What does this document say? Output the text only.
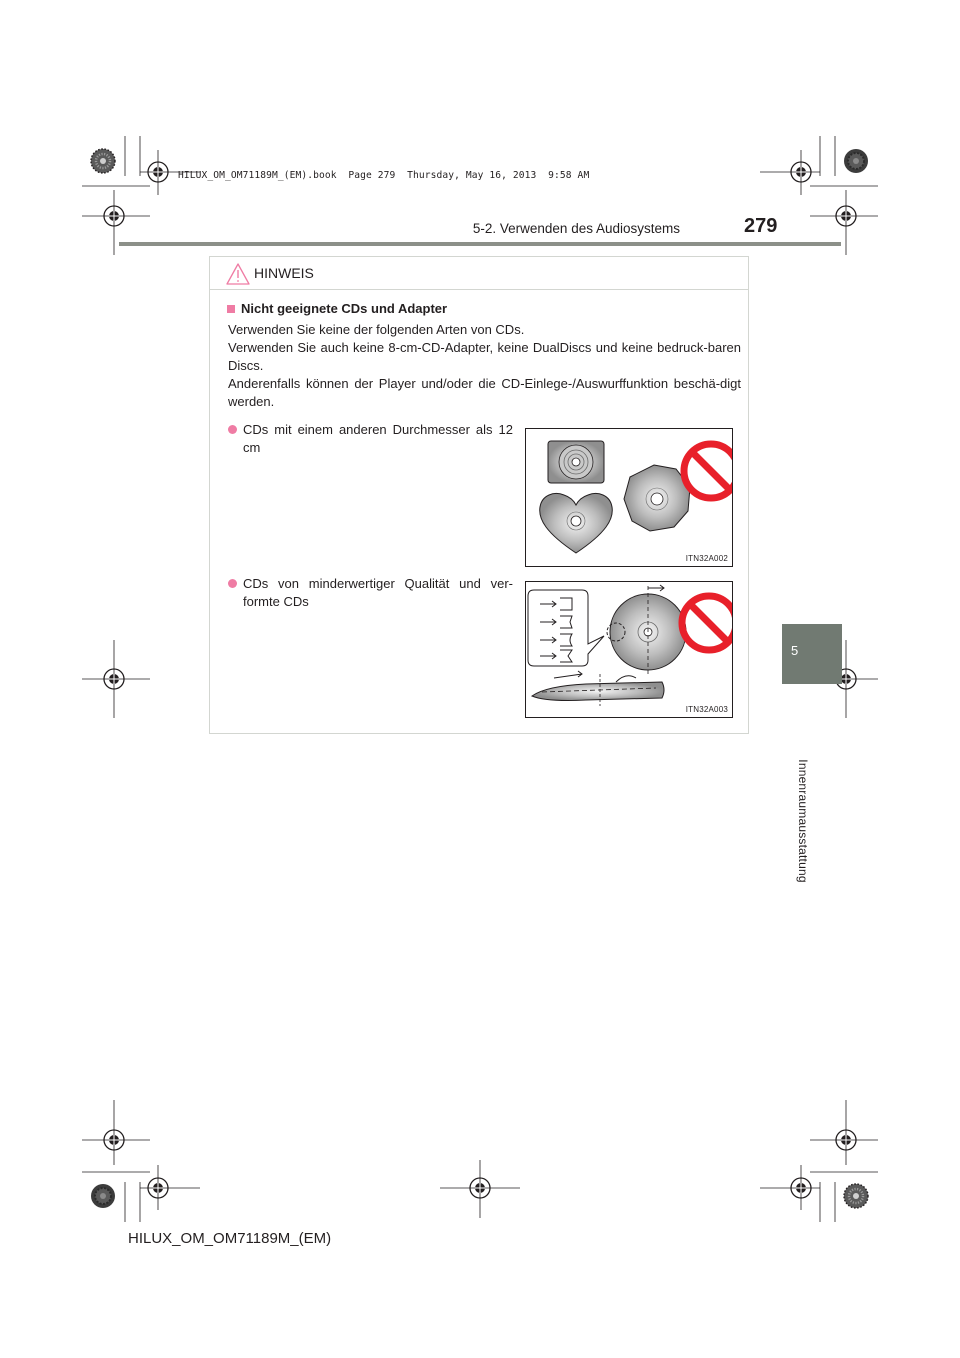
HILUX_OM_OM71189M_(EM).book  Page 279  Thursday, May 16, 2013  9:58 AM
279
5-2. Verwenden des Audiosystems
5
Innenraumausstattung
HINWEIS
Nicht geeignete CDs und Adapter
Verwenden Sie keine der folgenden Arten von CDs.
Verwenden Sie auch keine 8-cm-CD-Adapter, keine DualDiscs und keine bedruck-baren Discs.
Anderenfalls können der Player und/oder die CD-Einlege-/Auswurffunktion beschä-digt werden.
CDs mit einem anderen Durchmesser als 12 cm
CDs von minderwertiger Qualität und ver-formte CDs
ITN32A002
ITN32A003
HILUX_OM_OM71189M_(EM)
